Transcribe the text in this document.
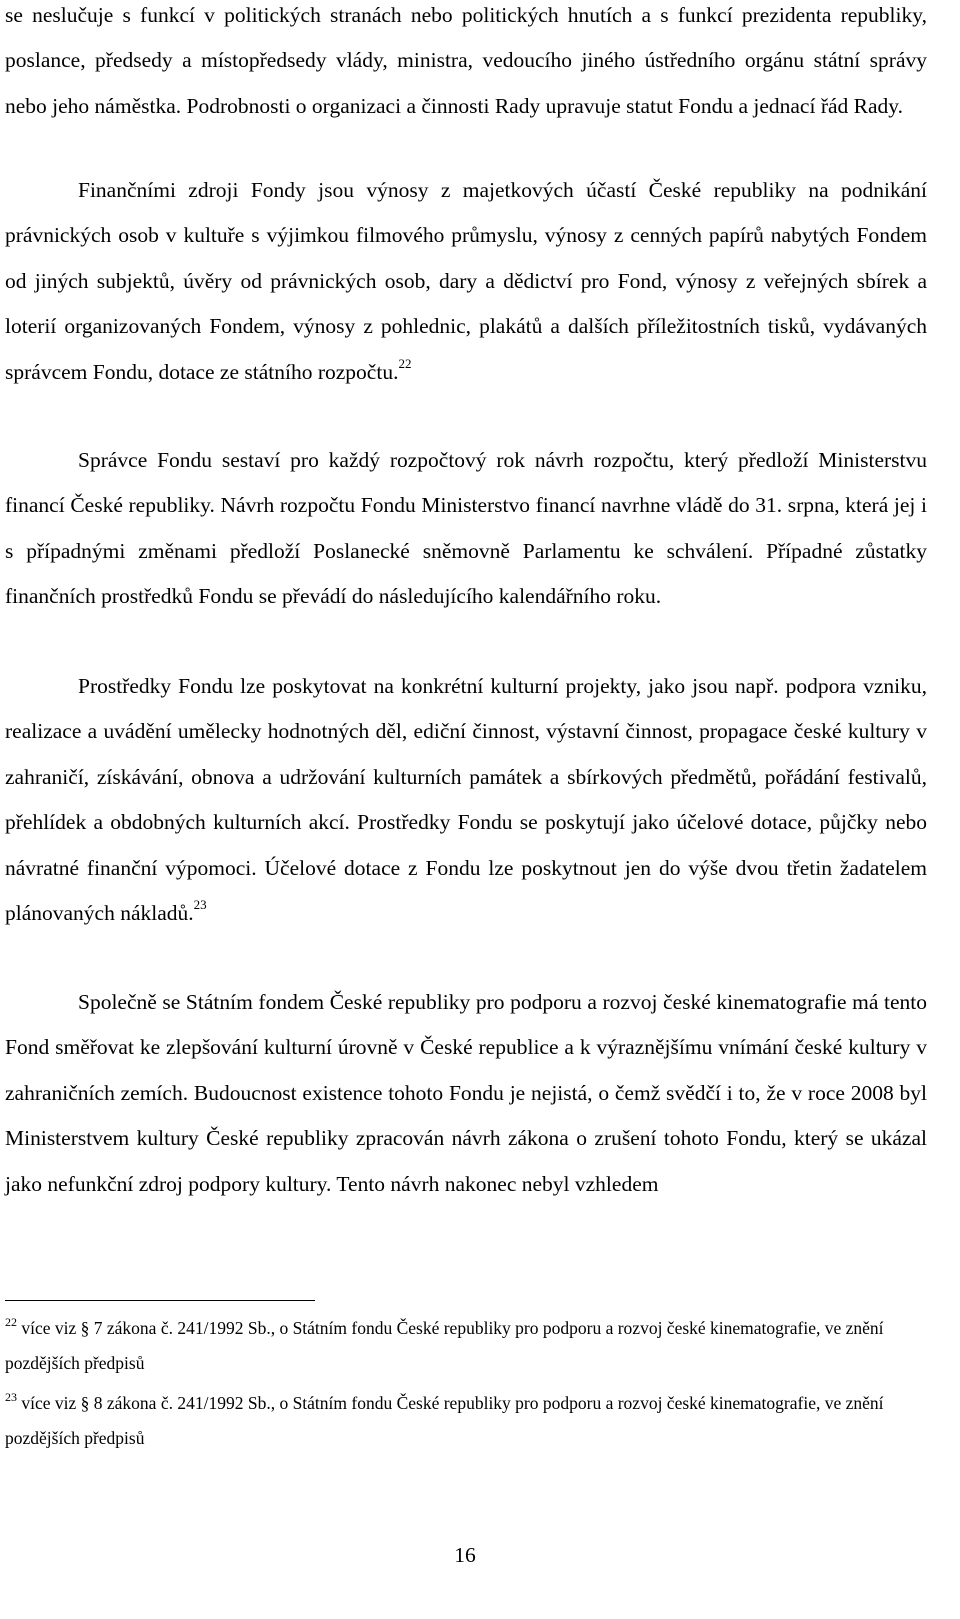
se neslučuje s funkcí v politických stranách nebo politických hnutích a s funkcí prezidenta republiky, poslance, předsedy a místopředsedy vlády, ministra, vedoucího jiného ústředního orgánu státní správy nebo jeho náměstka. Podrobnosti o organizaci a činnosti Rady upravuje statut Fondu a jednací řád Rady.

Finančními zdroji Fondy jsou výnosy z majetkových účastí České republiky na podnikání právnických osob v kultuře s výjimkou filmového průmyslu, výnosy z cenných papírů nabytých Fondem od jiných subjektů, úvěry od právnických osob, dary a dědictví pro Fond, výnosy z veřejných sbírek a loterií organizovaných Fondem, výnosy z pohlednic, plakátů a dalších příležitostních tisků, vydávaných správcem Fondu, dotace ze státního rozpočtu.$^{22}$

Správce Fondu sestaví pro každý rozpočtový rok návrh rozpočtu, který předloží Ministerstvu financí České republiky. Návrh rozpočtu Fondu Ministerstvo financí navrhne vládě do 31. srpna, která jej i s případnými změnami předloží Poslanecké sněmovně Parlamentu ke schválení. Případné zůstatky finančních prostředků Fondu se převádí do následujícího kalendářního roku.

Prostředky Fondu lze poskytovat na konkrétní kulturní projekty, jako jsou např. podpora vzniku, realizace a uvádění umělecky hodnotných děl, ediční činnost, výstavní činnost, propagace české kultury v zahraničí, získávání, obnova a udržování kulturních památek a sbírkových předmětů, pořádání festivalů, přehlídek a obdobných kulturních akcí. Prostředky Fondu se poskytují jako účelové dotace, půjčky nebo návratné finanční výpomoci. Účelové dotace z Fondu lze poskytnout jen do výše dvou třetin žadatelem plánovaných nákladů.$^{23}$

Společně se Státním fondem České republiky pro podporu a rozvoj české kinematografie má tento Fond směřovat ke zlepšování kulturní úrovně v České republice a k výraznějšímu vnímání české kultury v zahraničních zemích. Budoucnost existence tohoto Fondu je nejistá, o čemž svědčí i to, že v roce 2008 byl Ministerstvem kultury České republiky zpracován návrh zákona o zrušení tohoto Fondu, který se ukázal jako nefunkční zdroj podpory kultury. Tento návrh nakonec nebyl vzhledem

$^{22}$ více viz § 7 zákona č. 241/1992 Sb., o Státním fondu České republiky pro podporu a rozvoj české kinematografie, ve znění pozdějších předpisů

$^{23}$ více viz § 8 zákona č. 241/1992 Sb., o Státním fondu České republiky pro podporu a rozvoj české kinematografie, ve znění pozdějších předpisů

16
